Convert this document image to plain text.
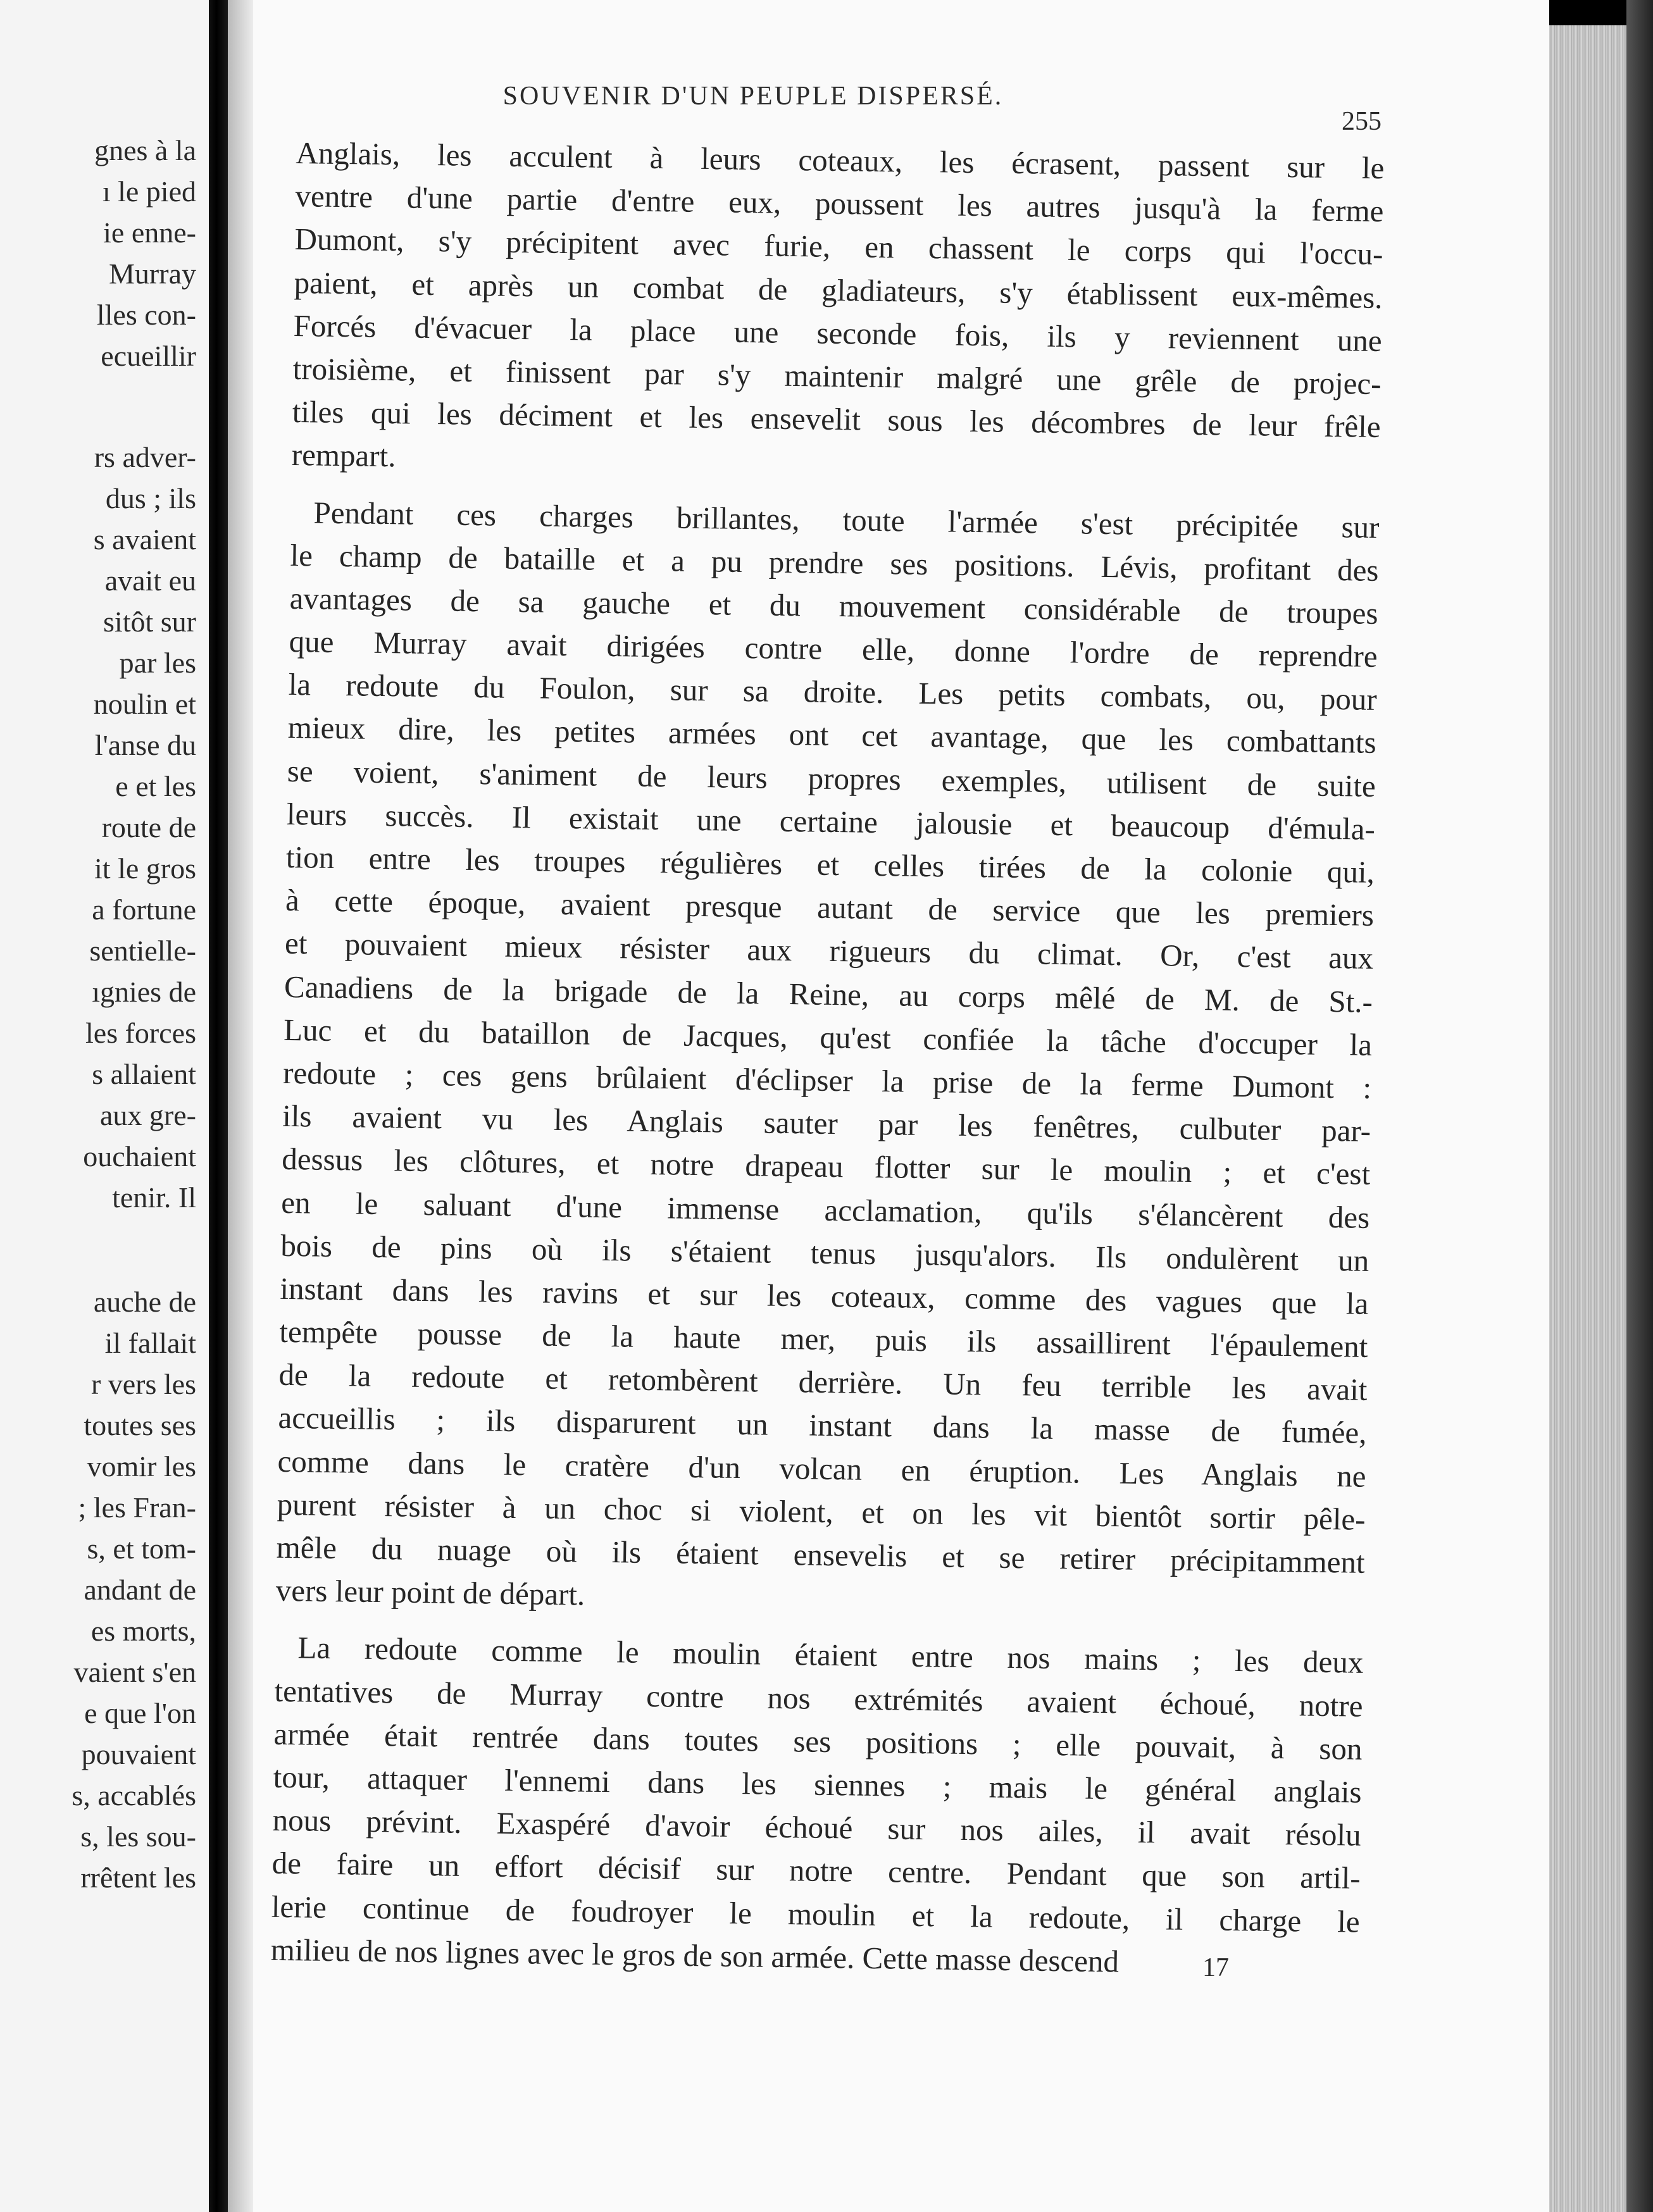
gnes à la
ı le pied
ie enne-
Murray
lles con-
ecueillir
rs adver-
dus ; ils
s avaient
avait eu
sitôt sur
par les
noulin et
l'anse du
e et les
route de
it le gros
a fortune
sentielle-
ıgnies de
les forces
s allaient
aux gre-
ouchaient
tenir. Il
auche de
il fallait
r vers les
toutes ses
vomir les
; les Fran-
s, et tom-
andant de
es morts,
vaient s'en
e que l'on
pouvaient
s, accablés
s, les sou-
rrêtent les
SOUVENIR D'UN PEUPLE DISPERSÉ.
255
Anglais, les acculent à leurs coteaux, les écrasent, passent sur le
ventre d'une partie d'entre eux, poussent les autres jusqu'à la ferme
Dumont, s'y précipitent avec furie, en chassent le corps qui l'occu-
paient, et après un combat de gladiateurs, s'y établissent eux-mêmes.
Forcés d'évacuer la place une seconde fois, ils y reviennent une
troisième, et finissent par s'y maintenir malgré une grêle de projec-
tiles qui les déciment et les ensevelit sous les décombres de leur frêle
rempart.
Pendant ces charges brillantes, toute l'armée s'est précipitée sur
le champ de bataille et a pu prendre ses positions. Lévis, profitant des
avantages de sa gauche et du mouvement considérable de troupes
que Murray avait dirigées contre elle, donne l'ordre de reprendre
la redoute du Foulon, sur sa droite. Les petits combats, ou, pour
mieux dire, les petites armées ont cet avantage, que les combattants
se voient, s'animent de leurs propres exemples, utilisent de suite
leurs succès. Il existait une certaine jalousie et beaucoup d'émula-
tion entre les troupes régulières et celles tirées de la colonie qui,
à cette époque, avaient presque autant de service que les premiers
et pouvaient mieux résister aux rigueurs du climat. Or, c'est aux
Canadiens de la brigade de la Reine, au corps mêlé de M. de St.-
Luc et du bataillon de Jacques, qu'est confiée la tâche d'occuper la
redoute ; ces gens brûlaient d'éclipser la prise de la ferme Dumont :
ils avaient vu les Anglais sauter par les fenêtres, culbuter par-
dessus les clôtures, et notre drapeau flotter sur le moulin ; et c'est
en le saluant d'une immense acclamation, qu'ils s'élancèrent des
bois de pins où ils s'étaient tenus jusqu'alors. Ils ondulèrent un
instant dans les ravins et sur les coteaux, comme des vagues que la
tempête pousse de la haute mer, puis ils assaillirent l'épaulement
de la redoute et retombèrent derrière. Un feu terrible les avait
accueillis ; ils disparurent un instant dans la masse de fumée,
comme dans le cratère d'un volcan en éruption. Les Anglais ne
purent résister à un choc si violent, et on les vit bientôt sortir pêle-
mêle du nuage où ils étaient ensevelis et se retirer précipitamment
vers leur point de départ.
La redoute comme le moulin étaient entre nos mains ; les deux
tentatives de Murray contre nos extrémités avaient échoué, notre
armée était rentrée dans toutes ses positions ; elle pouvait, à son
tour, attaquer l'ennemi dans les siennes ; mais le général anglais
nous prévint. Exaspéré d'avoir échoué sur nos ailes, il avait résolu
de faire un effort décisif sur notre centre. Pendant que son artil-
lerie continue de foudroyer le moulin et la redoute, il charge le
milieu de nos lignes avec le gros de son armée. Cette masse descend	17
